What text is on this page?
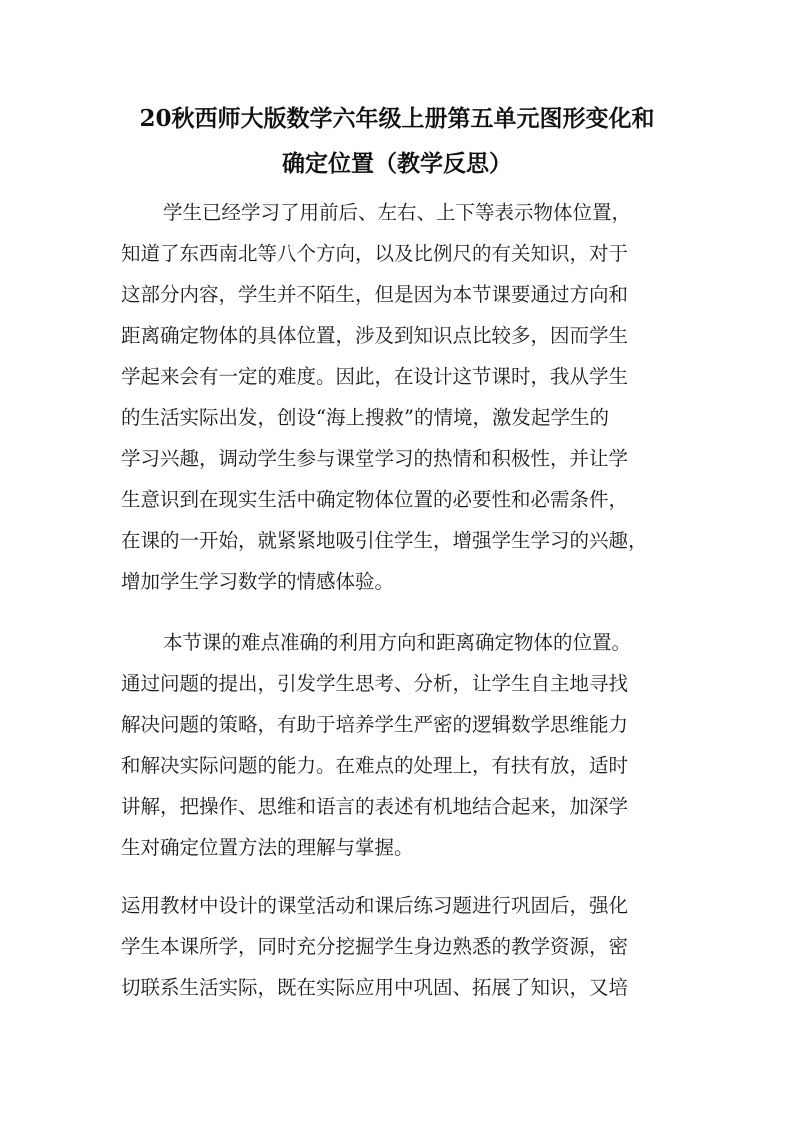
20秋西师大版数学六年级上册第五单元图形变化和
确定位置（教学反思）
学生已经学习了用前后、左右、上下等表示物体位置，
知道了东西南北等八个方向，以及比例尺的有关知识，对于
这部分内容，学生并不陌生，但是因为本节课要通过方向和
距离确定物体的具体位置，涉及到知识点比较多，因而学生
学起来会有一定的难度。因此，在设计这节课时，我从学生
的生活实际出发，创设“海上搜救”的情境，激发起学生的
学习兴趣，调动学生参与课堂学习的热情和积极性，并让学
生意识到在现实生活中确定物体位置的必要性和必需条件，
在课的一开始，就紧紧地吸引住学生，增强学生学习的兴趣，
增加学生学习数学的情感体验。
本节课的难点准确的利用方向和距离确定物体的位置。
通过问题的提出，引发学生思考、分析，让学生自主地寻找
解决问题的策略，有助于培养学生严密的逻辑数学思维能力
和解决实际问题的能力。在难点的处理上，有扶有放，适时
讲解，把操作、思维和语言的表述有机地结合起来，加深学
生对确定位置方法的理解与掌握。
运用教材中设计的课堂活动和课后练习题进行巩固后，强化
学生本课所学，同时充分挖掘学生身边熟悉的教学资源，密
切联系生活实际，既在实际应用中巩固、拓展了知识，又培
